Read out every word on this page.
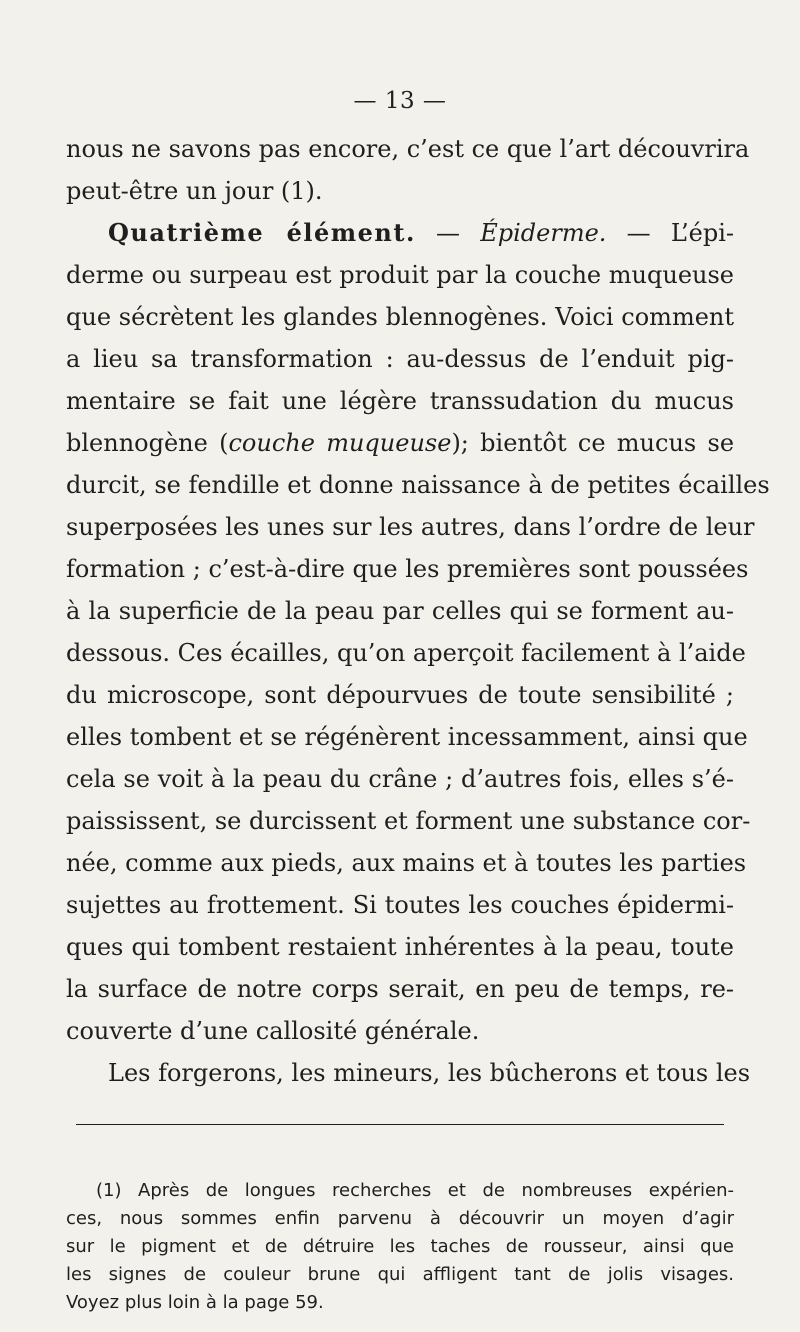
— 13 —
nous ne savons pas encore, c’est ce que l’art découvrira
peut-être un jour (1).
Quatrième élément. — Épiderme. — L’épi-
derme ou surpeau est produit par la couche muqueuse
que sécrètent les glandes blennogènes. Voici comment
a lieu sa transformation : au-dessus de l’enduit pig-
mentaire se fait une légère transsudation du mucus
blennogène (couche muqueuse); bientôt ce mucus se
durcit, se fendille et donne naissance à de petites écailles
superposées les unes sur les autres, dans l’ordre de leur
formation ; c’est-à-dire que les premières sont poussées
à la superficie de la peau par celles qui se forment au-
dessous. Ces écailles, qu’on aperçoit facilement à l’aide
du microscope, sont dépourvues de toute sensibilité ;
elles tombent et se régénèrent incessamment, ainsi que
cela se voit à la peau du crâne ; d’autres fois, elles s’é-
paississent, se durcissent et forment une substance cor-
née, comme aux pieds, aux mains et à toutes les parties
sujettes au frottement. Si toutes les couches épidermi-
ques qui tombent restaient inhérentes à la peau, toute
la surface de notre corps serait, en peu de temps, re-
couverte d’une callosité générale.
Les forgerons, les mineurs, les bûcherons et tous les
(1) Après de longues recherches et de nombreuses expérien-
ces, nous sommes enfin parvenu à découvrir un moyen d’agir
sur le pigment et de détruire les taches de rousseur, ainsi que
les signes de couleur brune qui affligent tant de jolis visages.
Voyez plus loin à la page 59.
